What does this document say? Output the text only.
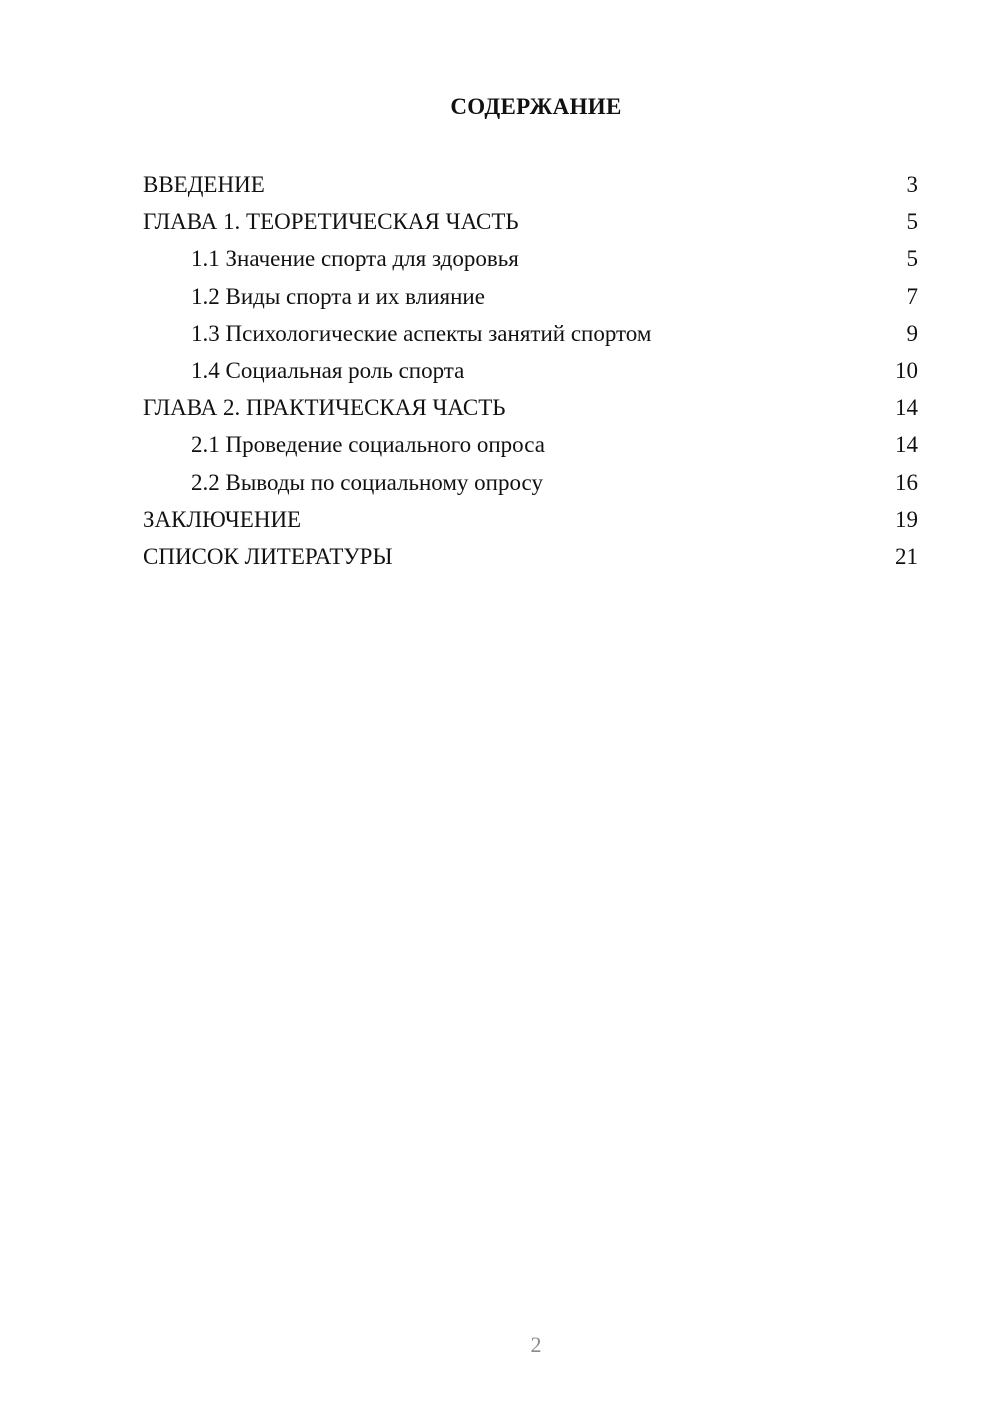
СОДЕРЖАНИЕ
ВВЕДЕНИЕ	3
ГЛАВА 1. ТЕОРЕТИЧЕСКАЯ ЧАСТЬ	5
1.1 Значение спорта для здоровья	5
1.2 Виды спорта и их влияние	7
1.3 Психологические аспекты занятий спортом	9
1.4 Социальная роль спорта	10
ГЛАВА 2. ПРАКТИЧЕСКАЯ ЧАСТЬ	14
2.1 Проведение социального опроса	14
2.2 Выводы по социальному опросу	16
ЗАКЛЮЧЕНИЕ	19
СПИСОК ЛИТЕРАТУРЫ	21
2
